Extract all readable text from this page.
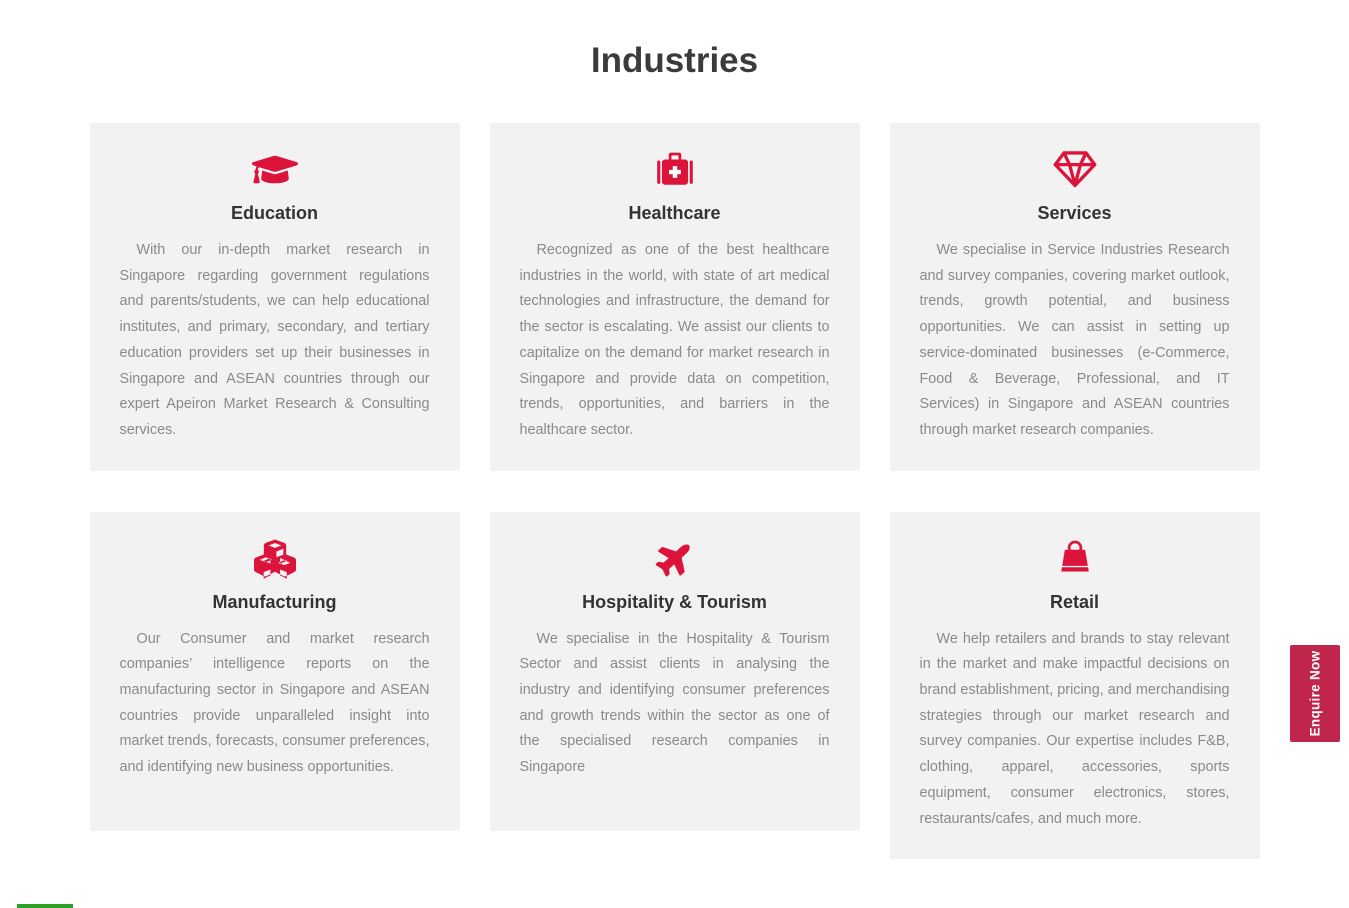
Industries
Education

With our in-depth market research in Singapore regarding government regulations and parents/students, we can help educational institutes, and primary, secondary, and tertiary education providers set up their businesses in Singapore and ASEAN countries through our expert Apeiron Market Research & Consulting services.

Healthcare

Recognized as one of the best healthcare industries in the world, with state of art medical technologies and infrastructure, the demand for the sector is escalating. We assist our clients to capitalize on the demand for market research in Singapore and provide data on competition, trends, opportunities, and barriers in the healthcare sector.

Services

We specialise in Service Industries Research and survey companies, covering market outlook, trends, growth potential, and business opportunities. We can assist in setting up service-dominated businesses (e-Commerce, Food & Beverage, Professional, and IT Services) in Singapore and ASEAN countries through market research companies.

Manufacturing

Our Consumer and market research companies’ intelligence reports on the manufacturing sector in Singapore and ASEAN countries provide unparalleled insight into market trends, forecasts, consumer preferences, and identifying new business opportunities.

Hospitality & Tourism

We specialise in the Hospitality & Tourism Sector and assist clients in analysing the industry and identifying consumer preferences and growth trends within the sector as one of the specialised research companies in Singapore

Retail

We help retailers and brands to stay relevant in the market and make impactful decisions on brand establishment, pricing, and merchandising strategies through our market research and survey companies. Our expertise includes F&B, clothing, apparel, accessories, sports equipment, consumer electronics, stores, restaurants/cafes, and much more.

Enquire Now
